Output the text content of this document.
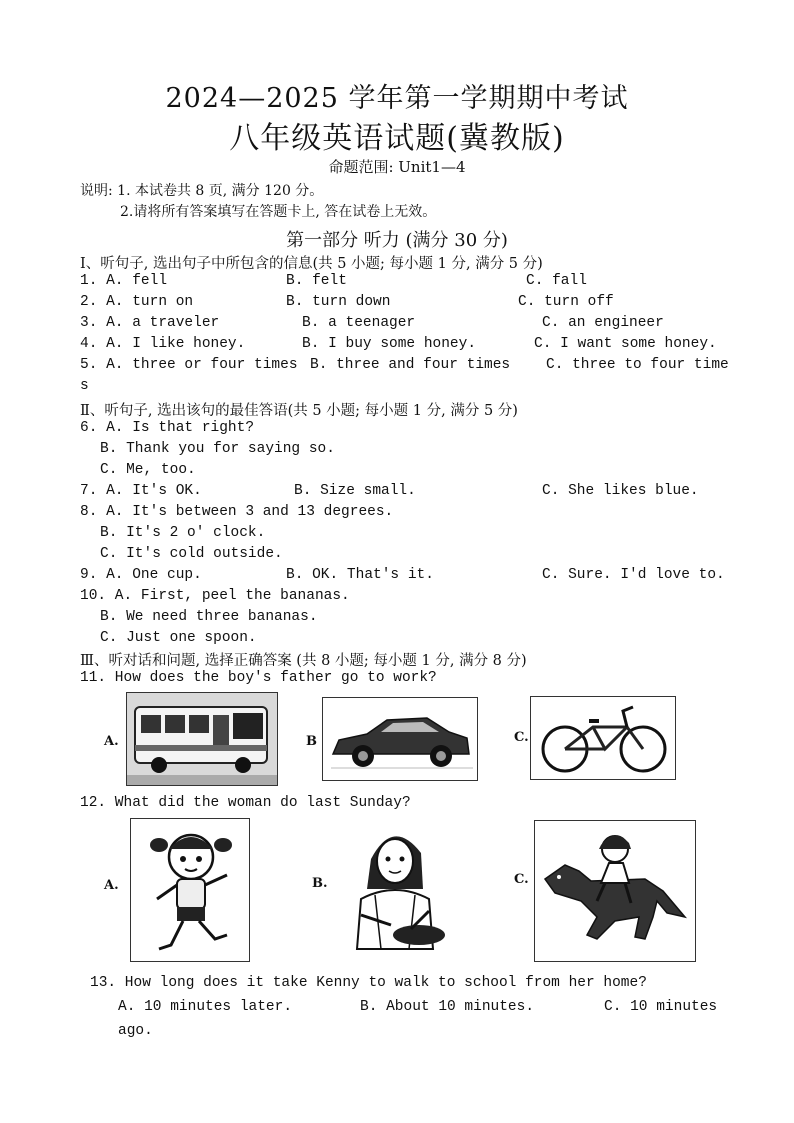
2024—2025 学年第一学期期中考试
八年级英语试题(冀教版)
命题范围: Unit1—4
说明: 1. 本试卷共 8 页, 满分 120 分。
2.请将所有答案填写在答题卡上, 答在试卷上无效。
第一部分 听力 (满分 30 分)
Ⅰ、听句子, 选出句子中所包含的信息(共 5 小题; 每小题 1 分, 满分 5 分)
1. A. fell	B. felt	C. fall
2. A. turn on	B. turn down	C. turn off
3. A. a traveler	B. a teenager	C. an engineer
4. A. I like honey.	B. I buy some honey.	C. I want some honey.
5. A. three or four times B. three and four times C. three to four time
s
Ⅱ、听句子, 选出该句的最佳答语(共 5 小题; 每小题 1 分, 满分 5 分)
6. A. Is that right?
B. Thank you for saying so.
C. Me, too.
7. A. It's OK.	B. Size small.	C. She likes blue.
8. A. It's between 3 and 13 degrees.
B. It's 2 o' clock.
C. It's cold outside.
9. A. One cup.	B. OK. That's it.	C. Sure. I'd love to.
10. A. First, peel the bananas.
B. We need three bananas.
C. Just one spoon.
Ⅲ、听对话和问题, 选择正确答案 (共 8 小题; 每小题 1 分, 满分 8 分)
11. How does the boy's father go to work?
A.	B	C.
12. What did the woman do last Sunday?
A.	B.	C.
13. How long does it take Kenny to walk to school from her home?
A. 10 minutes later.	B. About 10 minutes.	C. 10 minutes
ago.
